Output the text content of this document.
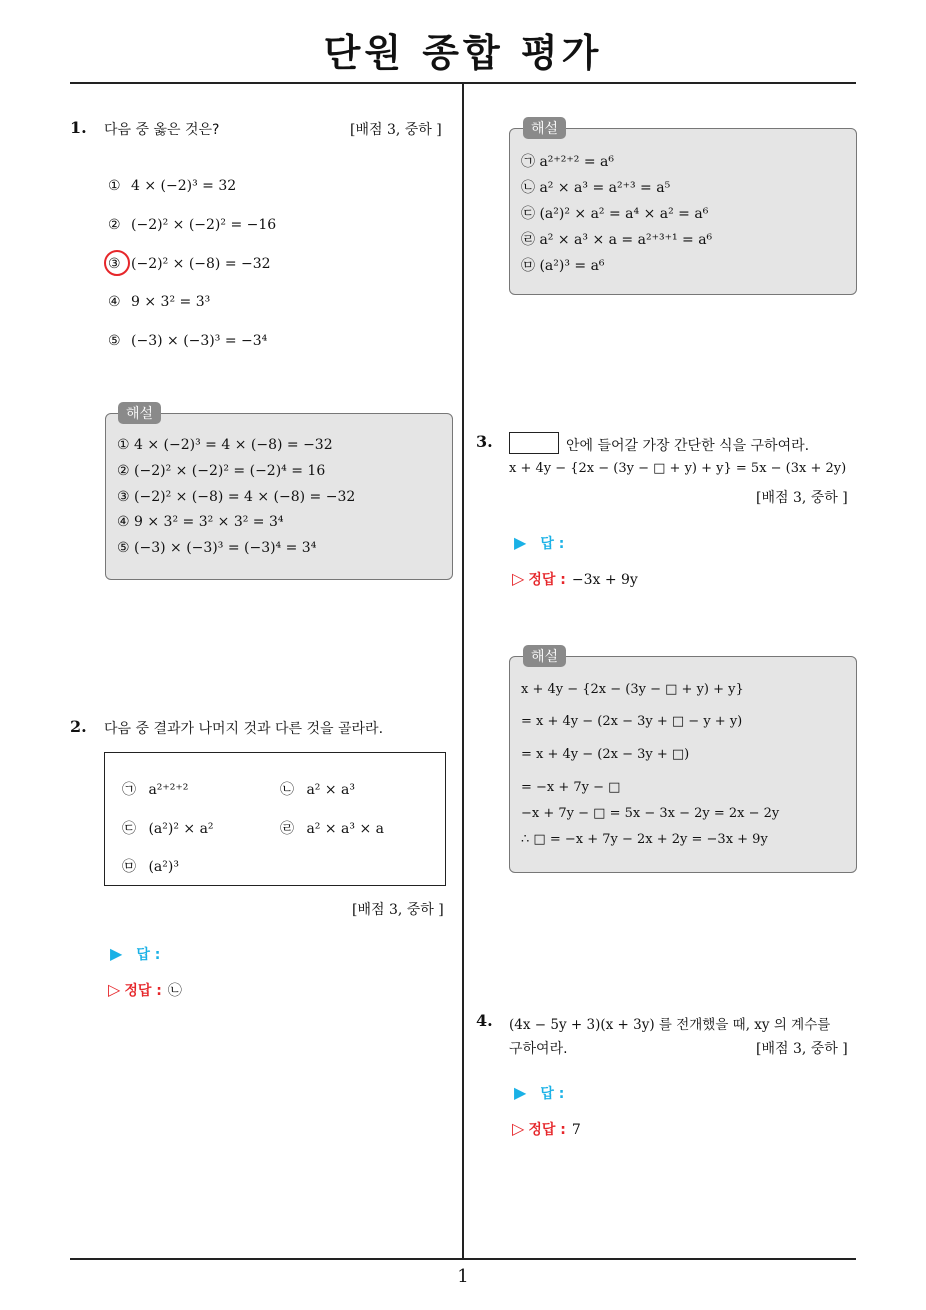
단원 종합 평가
1
1. 다음 중 옳은 것은?	[배점 3, 중하 ]
① 4 × (−2)³ = 32
② (−2)² × (−2)² = −16
③ (−2)² × (−8) = −32
④ 9 × 3² = 3³
⑤ (−3) × (−3)³ = −3⁴
해설
① 4 × (−2)³ = 4 × (−8) = −32
② (−2)² × (−2)² = (−2)⁴ = 16
③ (−2)² × (−8) = 4 × (−8) = −32
④ 9 × 3² = 3² × 3² = 3⁴
⑤ (−3) × (−3)³ = (−3)⁴ = 3⁴
2. 다음 중 결과가 나머지 것과 다른 것을 골라라.
㉠ a²⁺²⁺²	㉡ a² × a³
㉢ (a²)² × a²	㉣ a² × a³ × a
㉤ (a²)³
[배점 3, 중하 ]
▶ 답 :
▷ 정답 : ㉡
해설
㉠ a²⁺²⁺² = a⁶
㉡ a² × a³ = a²⁺³ = a⁵
㉢ (a²)² × a² = a⁴ × a² = a⁶
㉣ a² × a³ × a = a²⁺³⁺¹ = a⁶
㉤ (a²)³ = a⁶
3.	안에 들어갈 가장 간단한 식을 구하여라.
x + 4y − {2x − (3y − □ + y) + y} = 5x − (3x + 2y)
[배점 3, 중하 ]
▶ 답 :
▷ 정답 : −3x + 9y
해설
x + 4y − {2x − (3y − □ + y) + y}
= x + 4y − (2x − 3y + □ − y + y)
= x + 4y − (2x − 3y + □)
= −x + 7y − □
−x + 7y − □ = 5x − 3x − 2y = 2x − 2y
∴ □ = −x + 7y − 2x + 2y = −3x + 9y
4. (4x − 5y + 3)(x + 3y) 를 전개했을 때, xy 의 계수를
구하여라.	[배점 3, 중하 ]
▶ 답 :
▷ 정답 : 7
